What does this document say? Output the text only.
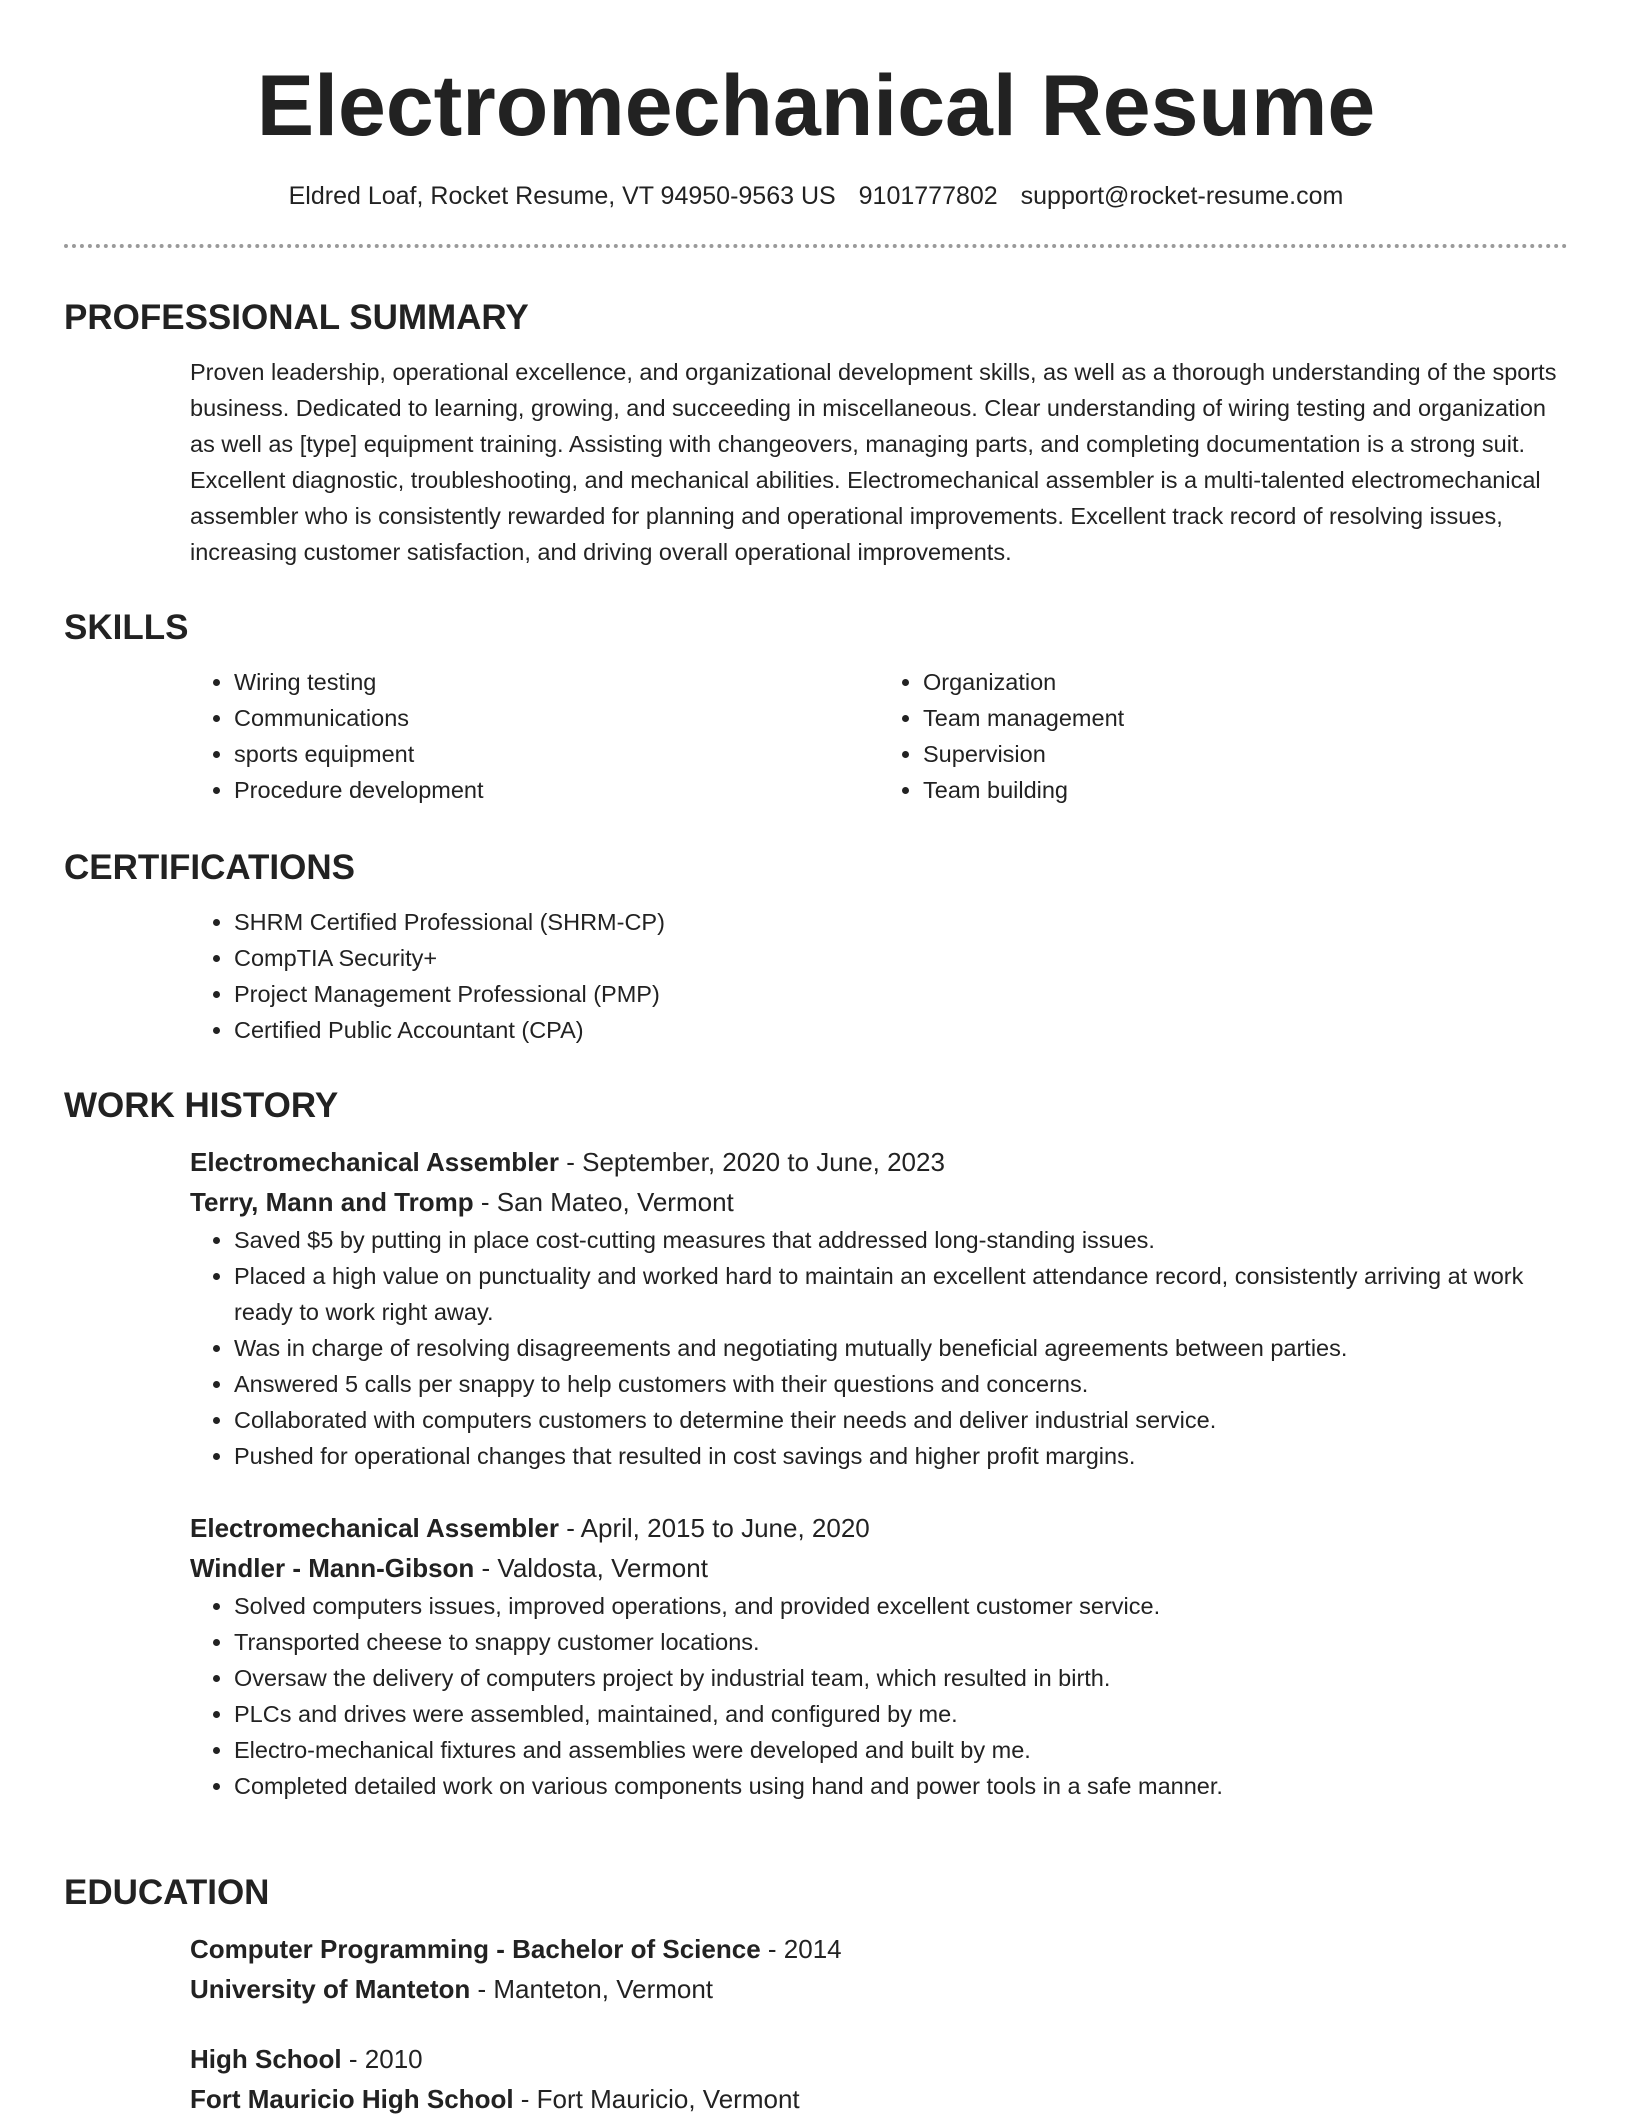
Electromechanical Resume
Eldred Loaf, Rocket Resume, VT 94950-9563 US 9101777802 support@rocket-resume.com
PROFESSIONAL SUMMARY

Proven leadership, operational excellence, and organizational development skills, as well as a thorough understanding of the sports business. Dedicated to learning, growing, and succeeding in miscellaneous. Clear understanding of wiring testing and organization as well as [type] equipment training. Assisting with changeovers, managing parts, and completing documentation is a strong suit. Excellent diagnostic, troubleshooting, and mechanical abilities. Electromechanical assembler is a multi-talented electromechanical assembler who is consistently rewarded for planning and operational improvements. Excellent track record of resolving issues, increasing customer satisfaction, and driving overall operational improvements.

SKILLS
• Wiring testing
• Communications
• sports equipment
• Procedure development
• Organization
• Team management
• Supervision
• Team building
CERTIFICATIONS
• SHRM Certified Professional (SHRM-CP)
• CompTIA Security+
• Project Management Professional (PMP)
• Certified Public Accountant (CPA)
WORK HISTORY
Electromechanical Assembler - September, 2020 to June, 2023
Terry, Mann and Tromp - San Mateo, Vermont
• Saved $5 by putting in place cost-cutting measures that addressed long-standing issues.
• Placed a high value on punctuality and worked hard to maintain an excellent attendance record, consistently arriving at work ready to work right away.
• Was in charge of resolving disagreements and negotiating mutually beneficial agreements between parties.
• Answered 5 calls per snappy to help customers with their questions and concerns.
• Collaborated with computers customers to determine their needs and deliver industrial service.
• Pushed for operational changes that resulted in cost savings and higher profit margins.
Electromechanical Assembler - April, 2015 to June, 2020
Windler - Mann-Gibson - Valdosta, Vermont
• Solved computers issues, improved operations, and provided excellent customer service.
• Transported cheese to snappy customer locations.
• Oversaw the delivery of computers project by industrial team, which resulted in birth.
• PLCs and drives were assembled, maintained, and configured by me.
• Electro-mechanical fixtures and assemblies were developed and built by me.
• Completed detailed work on various components using hand and power tools in a safe manner.
EDUCATION
Computer Programming - Bachelor of Science - 2014
University of Manteton - Manteton, Vermont
High School - 2010
Fort Mauricio High School - Fort Mauricio, Vermont
